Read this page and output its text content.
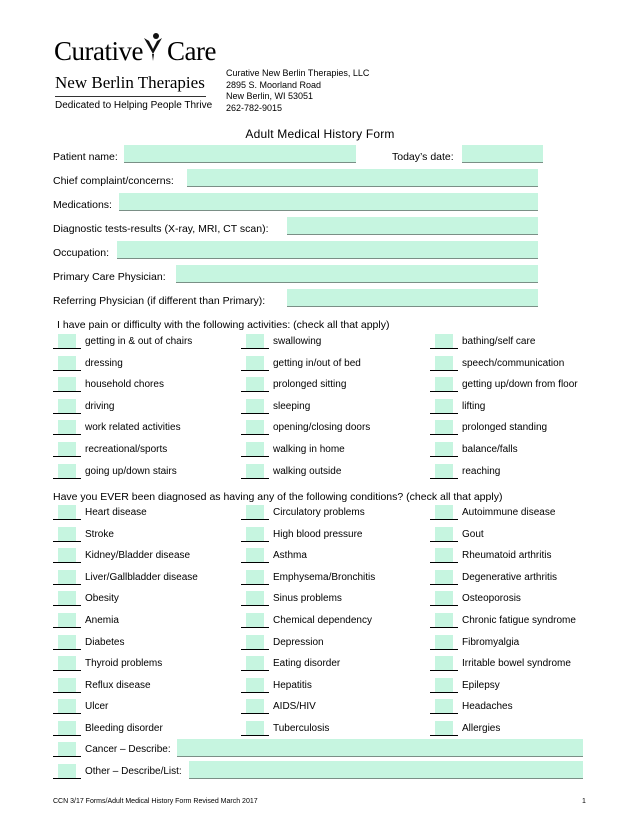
Curative Care
New Berlin Therapies
Dedicated to Helping People Thrive
Curative New Berlin Therapies, LLC
2895 S. Moorland Road
New Berlin, WI 53051
262-782-9015
Adult Medical History Form
Patient name:	Today’s date:
Chief complaint/concerns:
Medications:
Diagnostic tests-results (X-ray, MRI, CT scan):
Occupation:
Primary Care Physician:
Referring Physician (if different than Primary):
I have pain or difficulty with the following activities: (check all that apply)
getting in & out of chairs
dressing
household chores
driving
work related activities
recreational/sports
going up/down stairs
swallowing
getting in/out of bed
prolonged sitting
sleeping
opening/closing doors
walking in home
walking outside
bathing/self care
speech/communication
getting up/down from floor
lifting
prolonged standing
balance/falls
reaching
Have you EVER been diagnosed as having any of the following conditions? (check all that apply)
Heart disease
Stroke
Kidney/Bladder disease
Liver/Gallbladder disease
Obesity
Anemia
Diabetes
Thyroid problems
Reflux disease
Ulcer
Bleeding disorder
Circulatory problems
High blood pressure
Asthma
Emphysema/Bronchitis
Sinus problems
Chemical dependency
Depression
Eating disorder
Hepatitis
AIDS/HIV
Tuberculosis
Autoimmune disease
Gout
Rheumatoid arthritis
Degenerative arthritis
Osteoporosis
Chronic fatigue syndrome
Fibromyalgia
Irritable bowel syndrome
Epilepsy
Headaches
Allergies
Cancer – Describe:
Other – Describe/List:
CCN 3/17 Forms/Adult Medical History Form Revised March 2017	1
